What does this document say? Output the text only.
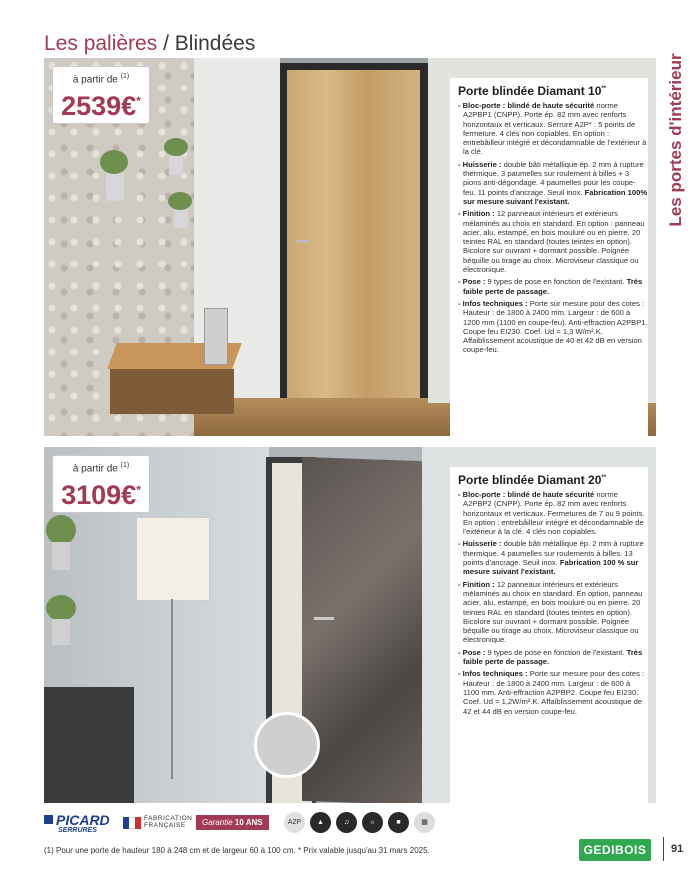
Les palières / Blindées
Les portes d'intérieur
à partir de $^{(1)}$
2539€*
Porte blindée Diamant 10**
- Bloc-porte : blindé de haute sécurité norme A2PBP1 (CNPP). Porte ép. 82 mm avec renforts horizontaux et verticaux. Serrure A2P* : 5 points de fermeture. 4 clés non copiables. En option : entrebâilleur intégré et décondamnable de l'extérieur à la clé.
- Huisserie : double bâti métallique ép. 2 mm à rupture thermique. 3 paumelles sur roulement à billes + 3 pions anti-dégondage. 4 paumelles pour les coupe-feu. 11 points d'ancrage. Seuil inox. Fabrication 100% sur mesure suivant l'existant.
- Finition : 12 panneaux intérieurs et extérieurs mélaminés au choix en standard. En option : panneau acier, alu, estampé, en bois mouluré ou en pierre. 20 teintes RAL en standard (toutes teintes en option). Bicolore sur ouvrant + dormant possible. Poignée béquille ou tirage au choix. Microviseur classique ou électronique.
- Pose : 9 types de pose en fonction de l'existant. Très faible perte de passage.
- Infos techniques : Porte sur mesure pour des cotes : Hauteur : de 1800 à 2400 mm. Largeur : de 600 à 1200 mm (1100 en coupe-feu). Anti-effraction A2PBP1. Coupe feu EI230. Coef. Ud = 1,3 W/m².K. Affaiblissement acoustique de 40 et 42 dB en version coupe-feu.
à partir de $^{(1)}$
3109€*
Porte blindée Diamant 20**
- Bloc-porte : blindé de haute sécurité norme A2PBP2 (CNPP). Porte ép. 82 mm avec renforts horizontaux et verticaux. Fermetures de 7 ou 9 points. En option : entrebâilleur intégré et décondamnable de l'extérieur à la clé. 4 clés non copiables.
- Huisserie : double bâti métallique ép. 2 mm à rupture thermique. 4 paumelles sur roulements à billes. 13 points d'ancrage. Seuil inox. Fabrication 100 % sur mesure suivant l'existant.
- Finition : 12 panneaux intérieurs et extérieurs mélaminés au choix en standard. En option, panneau acier, alu, estampé, en bois mouluré ou en pierre. 20 teintes RAL en standard (toutes teintes en option). Bicolore sur ouvrant + dormant possible. Poignée béquille ou tirage au choix. Microviseur classique ou électronique.
- Pose : 9 types de pose en fonction de l'existant. Très faible perte de passage.
- Infos techniques : Porte sur mesure pour des cotes : Hauteur : de 1800 à 2400 mm. Largeur : de 600 à 1100 mm. Anti-effraction A2PBP2. Coupe feu EI230. Coef. Ud = 1,2W/m².K. Affaiblissement acoustique de 42 et 44 dB en version coupe-feu.
PICARD
SERRURES
FABRICATION
FRANÇAISE	Garantie 10 ANS	A2P	▲	♫	☼	■	▦
(1) Pour une porte de hauteur 180 à 248 cm et de largeur 60 à 100 cm. * Prix valable jusqu'au 31 mars 2025.	GEDIBOIS	91
